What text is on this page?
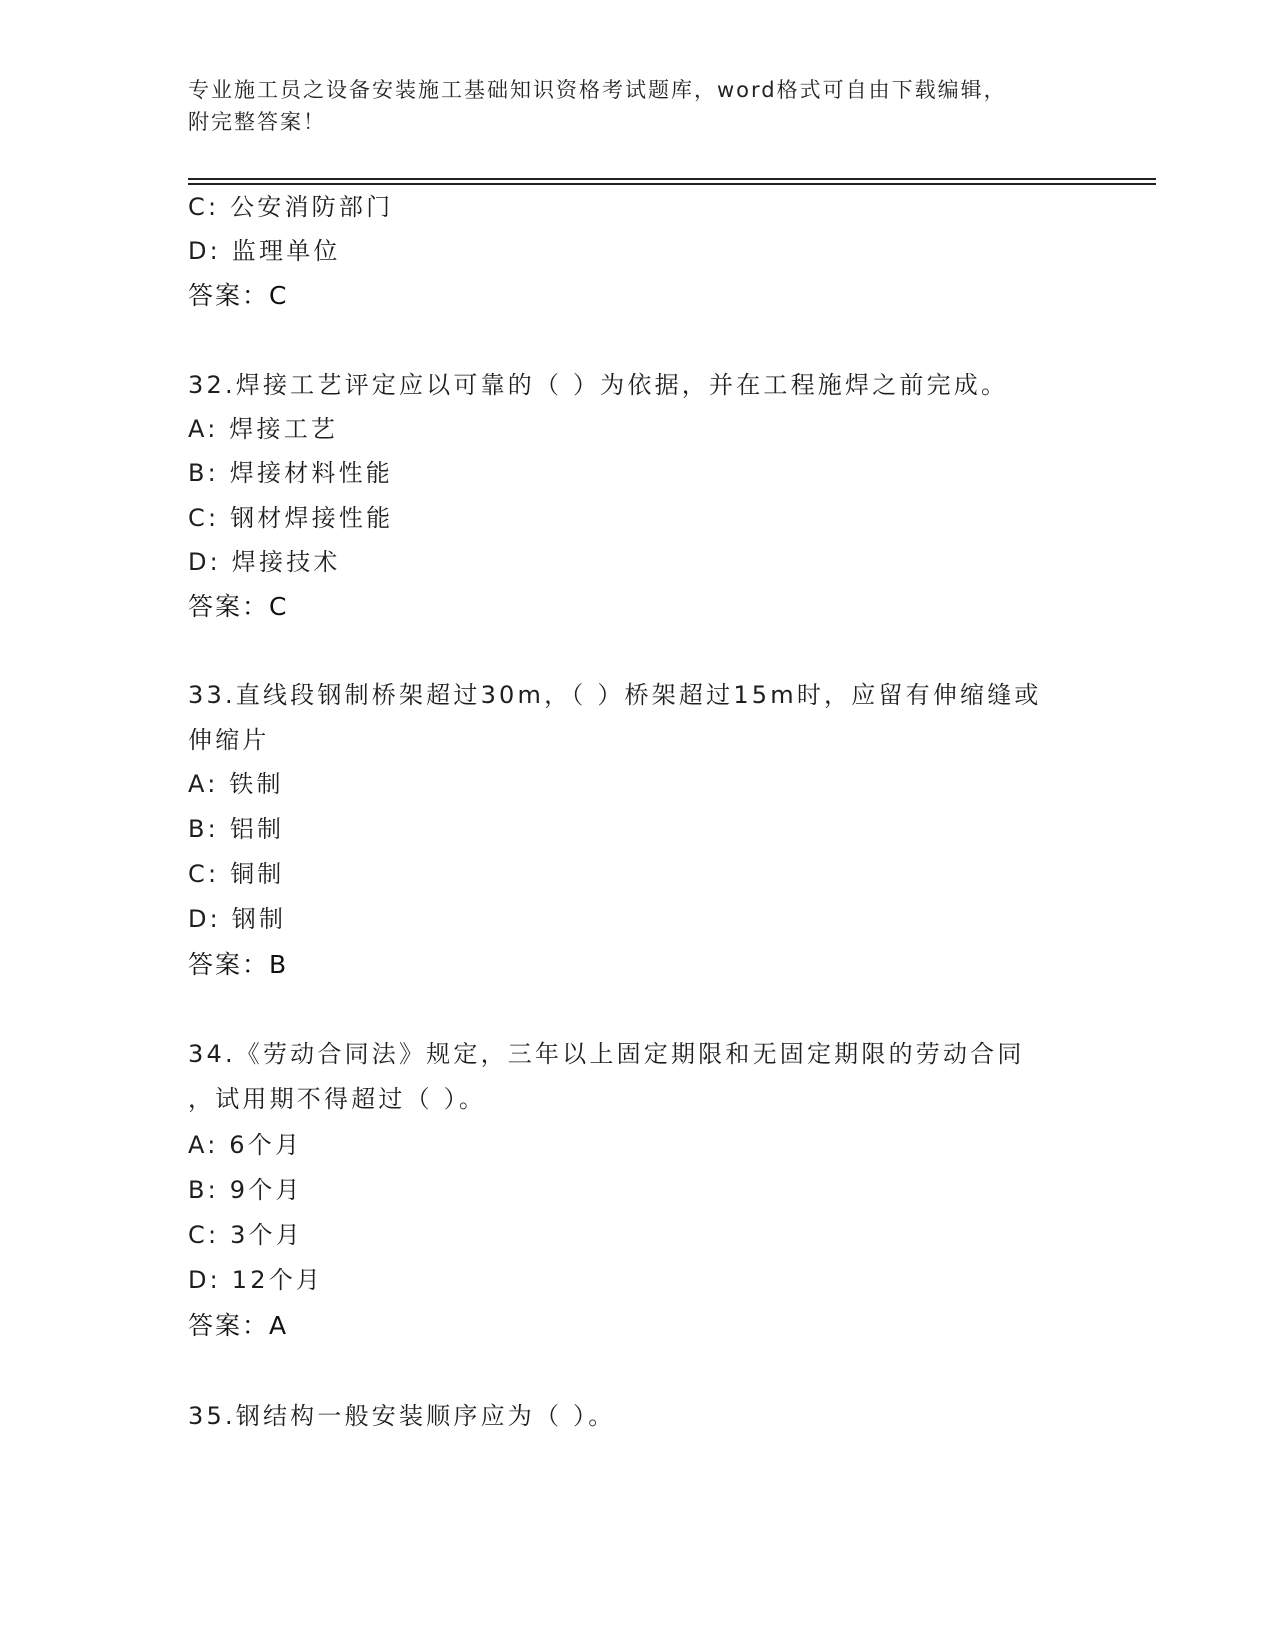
专业施工员之设备安装施工基础知识资格考试题库，word格式可自由下载编辑，
附完整答案！
C: 公安消防部门
D: 监理单位
答案：C
32.焊接工艺评定应以可靠的（ ）为依据，并在工程施焊之前完成。
A: 焊接工艺
B: 焊接材料性能
C: 钢材焊接性能
D: 焊接技术
答案：C
33.直线段钢制桥架超过30m，（ ）桥架超过15m时，应留有伸缩缝或
伸缩片
A: 铁制
B: 铝制
C: 铜制
D: 钢制
答案：B
34.《劳动合同法》规定，三年以上固定期限和无固定期限的劳动合同
，试用期不得超过（ ）。
A: 6个月
B: 9个月
C: 3个月
D: 12个月
答案：A
35.钢结构一般安装顺序应为（ ）。
